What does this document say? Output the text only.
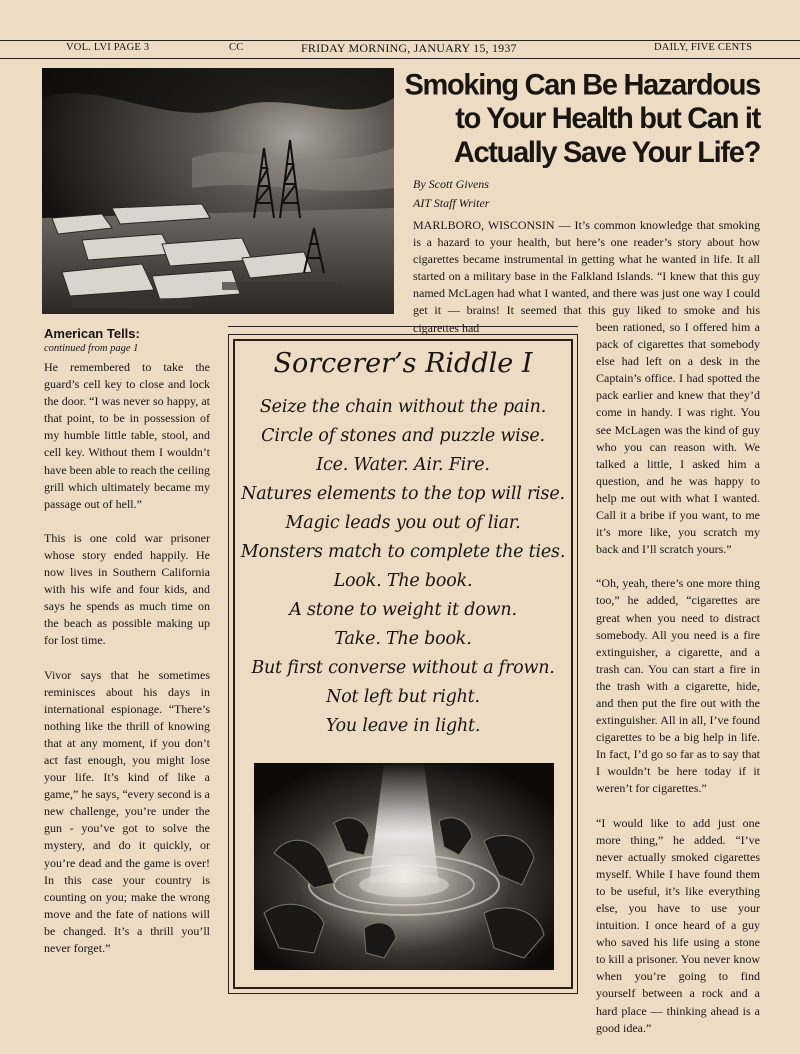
VOL. LVI PAGE 3	CC	FRIDAY MORNING, JANUARY 15, 1937	DAILY, FIVE CENTS
Smoking Can Be Hazardous to Your Health but Can it Actually Save Your Life?
By Scott Givens
AIT Staff Writer
MARLBORO, WISCONSIN — It’s common knowledge that smoking is a hazard to your health, but here’s one reader’s story about how cigarettes became instrumental in getting what he wanted in life. It all started on a military base in the Falkland Islands. “I knew that this guy named McLagen had what I wanted, and there was just one way I could get it — brains! It seemed that this guy liked to smoke and his cigarettes had
American Tells:
continued from page 1

He remembered to take the guard’s cell key to close and lock the door. “I was never so happy, at that point, to be in possession of my humble little table, stool, and cell key. Without them I wouldn’t have been able to reach the ceiling grill which ultimately became my passage out of hell.”

This is one cold war prisoner whose story ended happily. He now lives in Southern California with his wife and four kids, and says he spends as much time on the beach as possible making up for lost time.

Vivor says that he sometimes reminisces about his days in international espionage. “There’s nothing like the thrill of knowing that at any moment, if you don’t act fast enough, you might lose your life. It’s kind of like a game,” he says, “every second is a new challenge, you’re under the gun - you’ve got to solve the mystery, and do it quickly, or you’re dead and the game is over! In this case your country is counting on you; make the wrong move and the fate of nations will be changed. It’s a thrill you’ll never forget.”

been rationed, so I offered him a pack of cigarettes that somebody else had left on a desk in the Captain’s office. I had spotted the pack earlier and knew that they’d come in handy. I was right. You see McLagen was the kind of guy who you can reason with. We talked a little, I asked him a question, and he was happy to help me out with what I wanted. Call it a bribe if you want, to me it’s more like, you scratch my back and I’ll scratch yours.”

“Oh, yeah, there’s one more thing too,” he added, “cigarettes are great when you need to distract somebody. All you need is a fire extinguisher, a cigarette, and a trash can. You can start a fire in the trash with a cigarette, hide, and then put the fire out with the extinguisher. All in all, I’ve found cigarettes to be a big help in life. In fact, I’d go so far as to say that I wouldn’t be here today if it weren’t for cigarettes.”

“I would like to add just one more thing,” he added. “I’ve never actually smoked cigarettes myself. While I have found them to be useful, it’s like everything else, you have to use your intuition. I once heard of a guy who saved his life using a stone to kill a prisoner. You never know when you’re going to find yourself between a rock and a hard place — thinking ahead is a good idea.”

Sorcerer’s Riddle I
Seize the chain without the pain.
Circle of stones and puzzle wise.
Ice. Water. Air. Fire.
Natures elements to the top will rise.
Magic leads you out of liar.
Monsters match to complete the ties.
Look. The book.
A stone to weight it down.
Take. The book.
But first converse without a frown.
Not left but right.
You leave in light.
